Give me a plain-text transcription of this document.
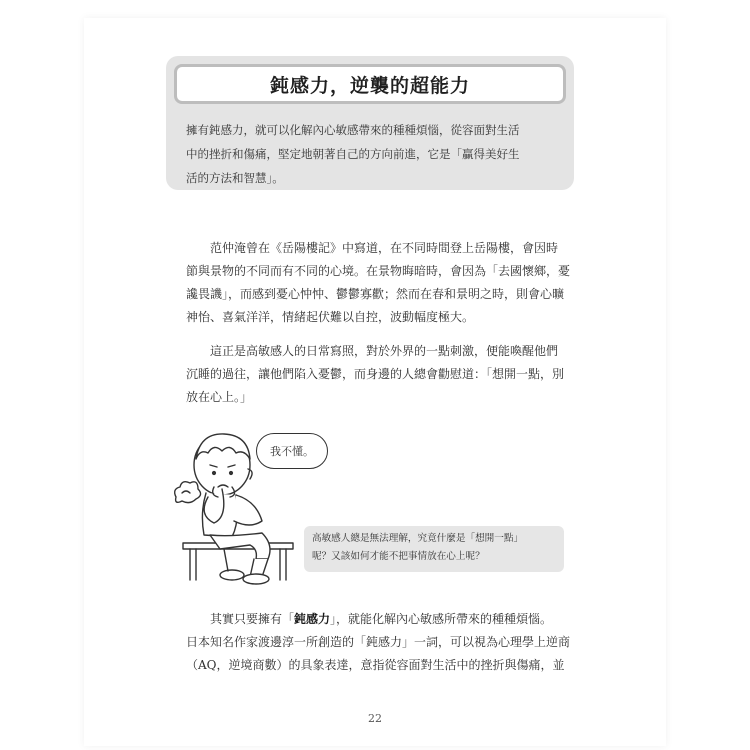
鈍感力，逆襲的超能力
擁有鈍感力，就可以化解內心敏感帶來的種種煩惱，從容面對生活
中的挫折和傷痛，堅定地朝著自己的方向前進，它是「贏得美好生
活的方法和智慧」。
范仲淹曾在《岳陽樓記》中寫道，在不同時間登上岳陽樓，會因時
節與景物的不同而有不同的心境。在景物晦暗時，會因為「去國懷鄉，憂
讒畏譏」，而感到憂心忡忡、鬱鬱寡歡；然而在春和景明之時，則會心曠
神怡、喜氣洋洋，情緒起伏難以自控，波動幅度極大。
這正是高敏感人的日常寫照，對於外界的一點刺激，便能喚醒他們
沉睡的過往，讓他們陷入憂鬱，而身邊的人總會勸慰道：「想開一點，別
放在心上。」
我不懂。
高敏感人總是無法理解，究竟什麼是「想開一點」
呢？又該如何才能不把事情放在心上呢？
其實只要擁有「鈍感力」，就能化解內心敏感所帶來的種種煩惱。
日本知名作家渡邊淳一所創造的「鈍感力」一詞，可以視為心理學上逆商
（AQ，逆境商數）的具象表達，意指從容面對生活中的挫折與傷痛，並
22
